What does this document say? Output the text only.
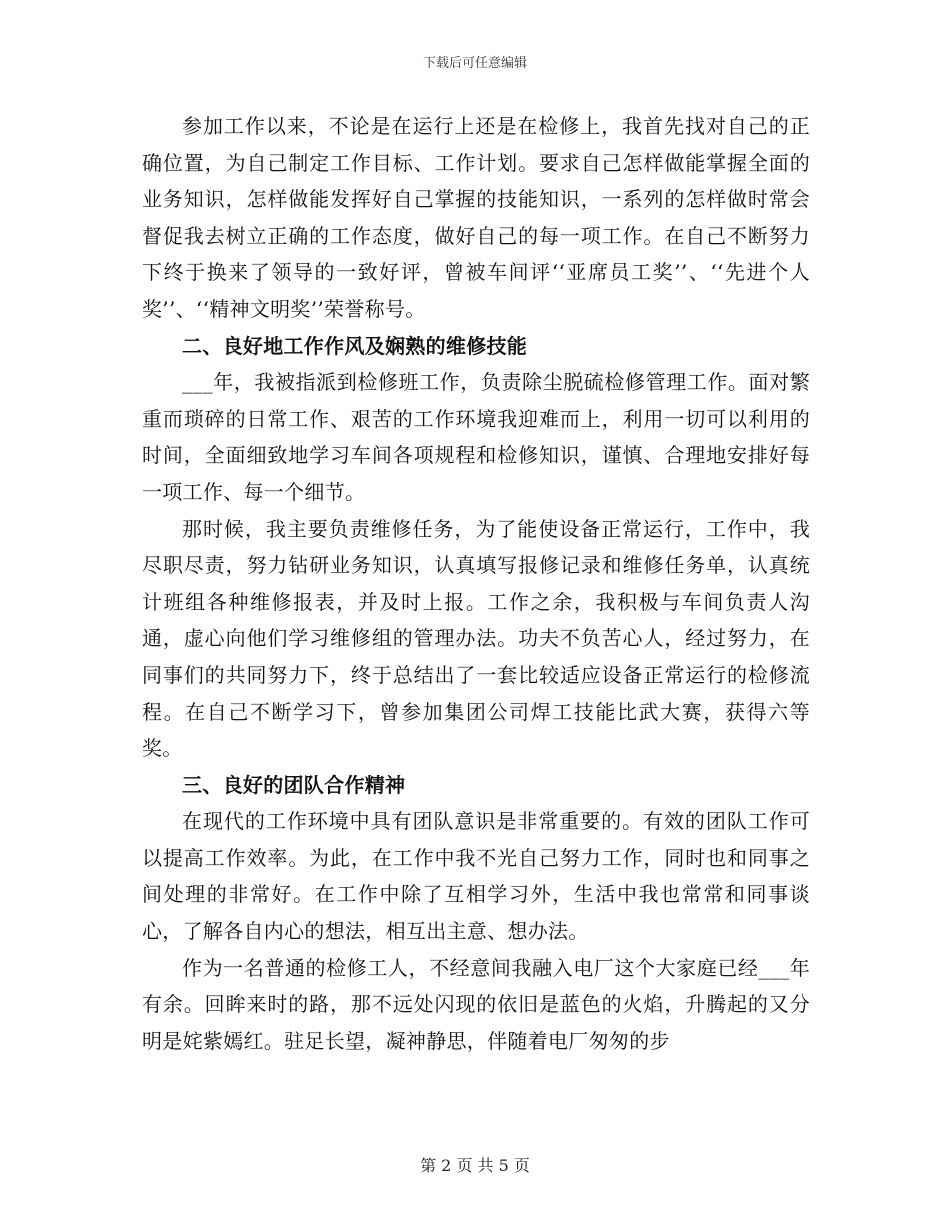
下载后可任意编辑

参加工作以来，不论是在运行上还是在检修上，我首先找对自己的正确位置，为自己制定工作目标、工作计划。要求自己怎样做能掌握全面的业务知识，怎样做能发挥好自己掌握的技能知识，一系列的怎样做时常会督促我去树立正确的工作态度，做好自己的每一项工作。在自己不断努力下终于换来了领导的一致好评，曾被车间评‘‘亚席员工奖’’、‘‘先进个人奖’’、‘‘精神文明奖’’荣誉称号。

二、良好地工作作风及娴熟的维修技能

___年，我被指派到检修班工作，负责除尘脱硫检修管理工作。面对繁重而琐碎的日常工作、艰苦的工作环境我迎难而上，利用一切可以利用的时间，全面细致地学习车间各项规程和检修知识，谨慎、合理地安排好每一项工作、每一个细节。

那时候，我主要负责维修任务，为了能使设备正常运行，工作中，我尽职尽责，努力钻研业务知识，认真填写报修记录和维修任务单，认真统计班组各种维修报表，并及时上报。工作之余，我积极与车间负责人沟通，虚心向他们学习维修组的管理办法。功夫不负苦心人，经过努力，在同事们的共同努力下，终于总结出了一套比较适应设备正常运行的检修流程。在自己不断学习下，曾参加集团公司焊工技能比武大赛，获得六等奖。

三、良好的团队合作精神

在现代的工作环境中具有团队意识是非常重要的。有效的团队工作可以提高工作效率。为此，在工作中我不光自己努力工作，同时也和同事之间处理的非常好。在工作中除了互相学习外，生活中我也常常和同事谈心，了解各自内心的想法，相互出主意、想办法。

作为一名普通的检修工人，不经意间我融入电厂这个大家庭已经___年有余。回眸来时的路，那不远处闪现的依旧是蓝色的火焰，升腾起的又分明是姹紫嫣红。驻足长望，凝神静思，伴随着电厂匆匆的步

第 2 页 共 5 页
